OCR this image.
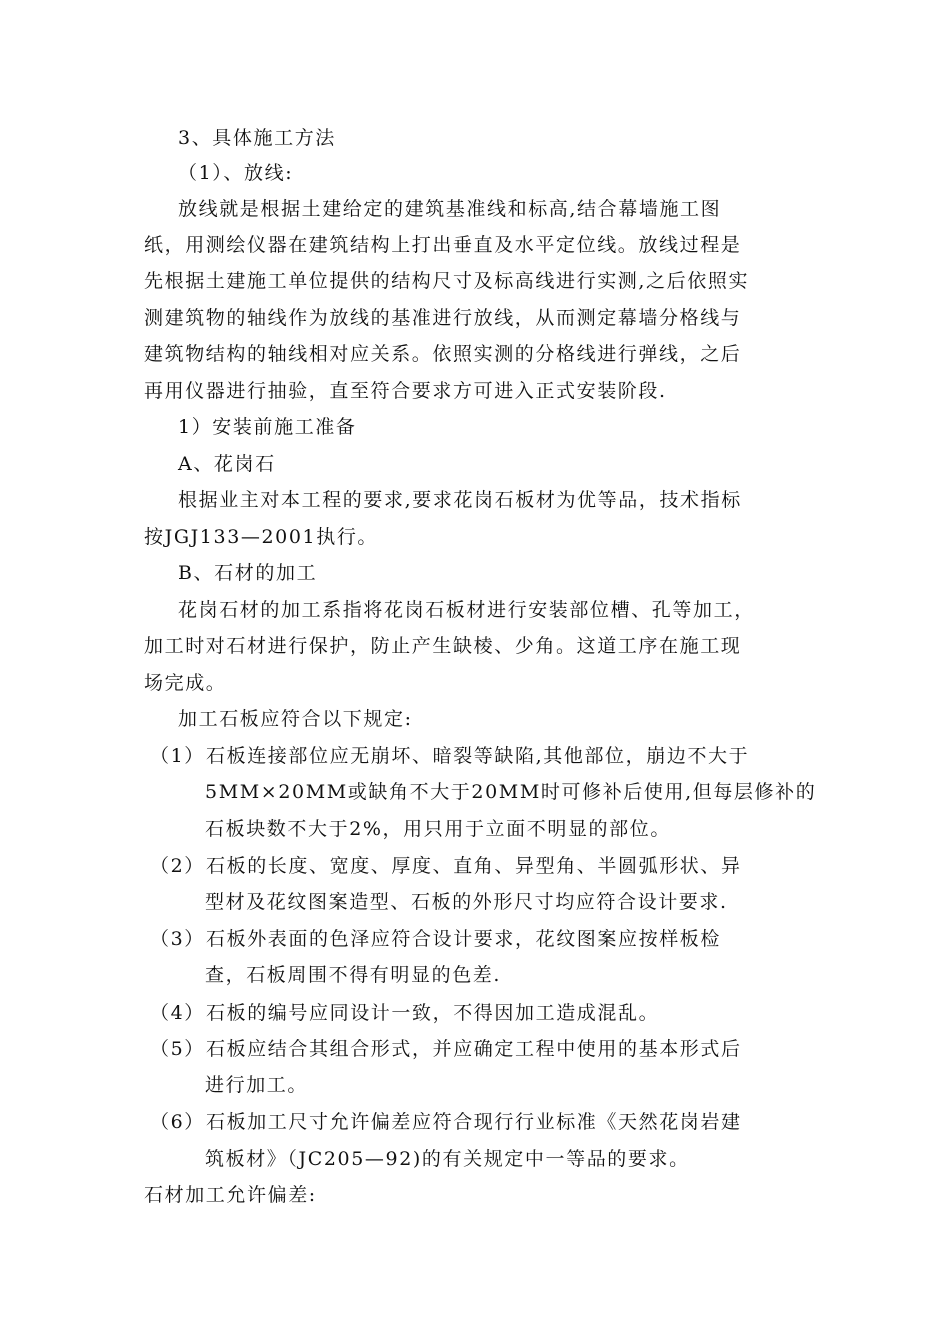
3、具体施工方法
（1）、放线:
放线就是根据土建给定的建筑基准线和标高,结合幕墙施工图
纸，用测绘仪器在建筑结构上打出垂直及水平定位线。放线过程是
先根据土建施工单位提供的结构尺寸及标高线进行实测,之后依照实
测建筑物的轴线作为放线的基准进行放线，从而测定幕墙分格线与
建筑物结构的轴线相对应关系。依照实测的分格线进行弹线，之后
再用仪器进行抽验，直至符合要求方可进入正式安装阶段.
1）安装前施工准备
A、花岗石
根据业主对本工程的要求,要求花岗石板材为优等品，技术指标
按JGJ133—2001执行。
B、石材的加工
花岗石材的加工系指将花岗石板材进行安装部位槽、孔等加工，
加工时对石材进行保护，防止产生缺棱、少角。这道工序在施工现
场完成。
加工石板应符合以下规定:
（1）石板连接部位应无崩坏、暗裂等缺陷,其他部位，崩边不大于
5MM×20MM或缺角不大于20MM时可修补后使用,但每层修补的
石板块数不大于2%，用只用于立面不明显的部位。
（2）石板的长度、宽度、厚度、直角、异型角、半圆弧形状、异
型材及花纹图案造型、石板的外形尺寸均应符合设计要求.
（3）石板外表面的色泽应符合设计要求，花纹图案应按样板检
查，石板周围不得有明显的色差.
（4）石板的编号应同设计一致，不得因加工造成混乱。
（5）石板应结合其组合形式，并应确定工程中使用的基本形式后
进行加工。
（6）石板加工尺寸允许偏差应符合现行行业标准《天然花岗岩建
筑板材》（JC205—92)的有关规定中一等品的要求。
石材加工允许偏差:
